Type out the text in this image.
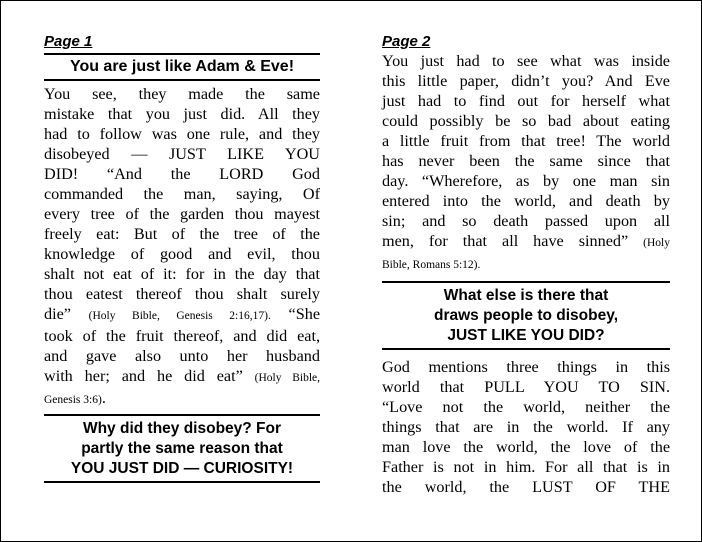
Page 1
You are just like Adam & Eve!
You see, they made the same
mistake that you just did. All they
had to follow was one rule, and they
disobeyed — JUST LIKE YOU
DID! “And the LORD God
commanded the man, saying, Of
every tree of the garden thou mayest
freely eat: But of the tree of the
knowledge of good and evil, thou
shalt not eat of it: for in the day that
thou eatest thereof thou shalt surely
die” (Holy Bible, Genesis 2:16,17). “She
took of the fruit thereof, and did eat,
and gave also unto her husband
with her; and he did eat” (Holy Bible,
Genesis 3:6).
Why did they disobey? For
partly the same reason that
YOU JUST DID — CURIOSITY!
Page 2
You just had to see what was inside
this little paper, didn’t you? And Eve
just had to find out for herself what
could possibly be so bad about eating
a little fruit from that tree! The world
has never been the same since that
day. “Wherefore, as by one man sin
entered into the world, and death by
sin; and so death passed upon all
men, for that all have sinned” (Holy
Bible, Romans 5:12).
What else is there that
draws people to disobey,
JUST LIKE YOU DID?
God mentions three things in this
world that PULL YOU TO SIN.
“Love not the world, neither the
things that are in the world. If any
man love the world, the love of the
Father is not in him. For all that is in
the world, the LUST OF THE
